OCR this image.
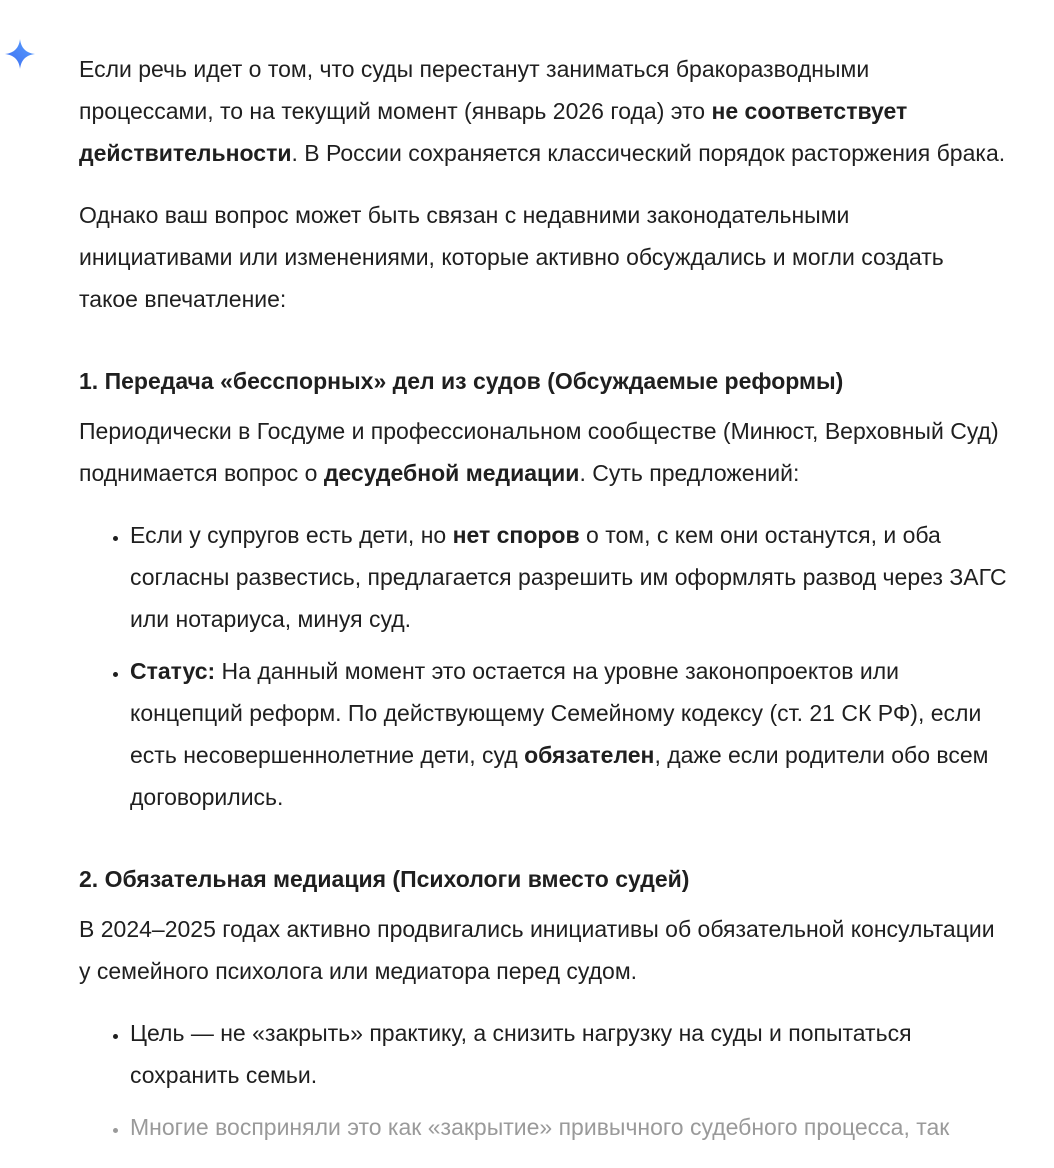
Если речь идет о том, что суды перестанут заниматься бракоразводными процессами, то на текущий момент (январь 2026 года) это не соответствует действительности. В России сохраняется классический порядок расторжения брака.

Однако ваш вопрос может быть связан с недавними законодательными инициативами или изменениями, которые активно обсуждались и могли создать такое впечатление:

1. Передача «бесспорных» дел из судов (Обсуждаемые реформы)

Периодически в Госдуме и профессиональном сообществе (Минюст, Верховный Суд) поднимается вопрос о десудебной медиации. Суть предложений:

• Если у супругов есть дети, но нет споров о том, с кем они останутся, и оба согласны развестись, предлагается разрешить им оформлять развод через ЗАГС или нотариуса, минуя суд.
• Статус: На данный момент это остается на уровне законопроектов или концепций реформ. По действующему Семейному кодексу (ст. 21 СК РФ), если есть несовершеннолетние дети, суд обязателен, даже если родители обо всем договорились.
2. Обязательная медиация (Психологи вместо судей)

В 2024–2025 годах активно продвигались инициативы об обязательной консультации у семейного психолога или медиатора перед судом.

• Цель — не «закрыть» практику, а снизить нагрузку на суды и попытаться сохранить семьи.
• Многие восприняли это как «закрытие» привычного судебного процесса, так
